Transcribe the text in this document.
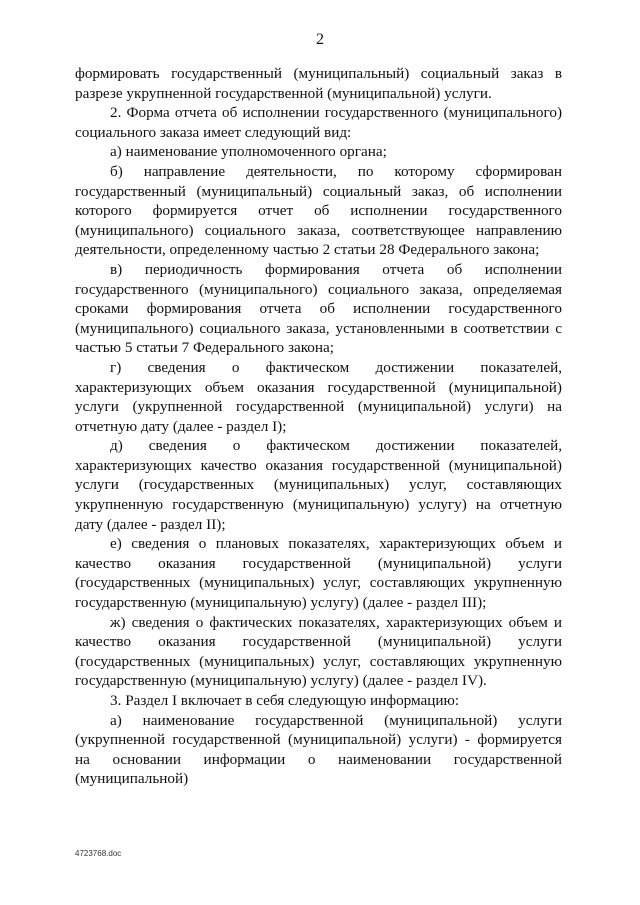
2

формировать государственный (муниципальный) социальный заказ в разрезе укрупненной государственной (муниципальной) услуги.

2. Форма отчета об исполнении государственного (муниципального) социального заказа имеет следующий вид:

а) наименование уполномоченного органа;

б) направление деятельности, по которому сформирован государственный (муниципальный) социальный заказ, об исполнении которого формируется отчет об исполнении государственного (муниципального) социального заказа, соответствующее направлению деятельности, определенному частью 2 статьи 28 Федерального закона;

в) периодичность формирования отчета об исполнении государственного (муниципального) социального заказа, определяемая сроками формирования отчета об исполнении государственного (муниципального) социального заказа, установленными в соответствии с частью 5 статьи 7 Федерального закона;

г) сведения о фактическом достижении показателей, характеризующих объем оказания государственной (муниципальной) услуги (укрупненной государственной (муниципальной) услуги) на отчетную дату (далее - раздел I);

д) сведения о фактическом достижении показателей, характеризующих качество оказания государственной (муниципальной) услуги (государственных (муниципальных) услуг, составляющих укрупненную государственную (муниципальную) услугу) на отчетную дату (далее - раздел II);

е) сведения о плановых показателях, характеризующих объем и качество оказания государственной (муниципальной) услуги (государственных (муниципальных) услуг, составляющих укрупненную государственную (муниципальную) услугу) (далее - раздел III);

ж) сведения о фактических показателях, характеризующих объем и качество оказания государственной (муниципальной) услуги (государственных (муниципальных) услуг, составляющих укрупненную государственную (муниципальную) услугу) (далее - раздел IV).

3. Раздел I включает в себя следующую информацию:

а) наименование государственной (муниципальной) услуги (укрупненной государственной (муниципальной) услуги) - формируется на основании информации о наименовании государственной (муниципальной)

4723768.doc
